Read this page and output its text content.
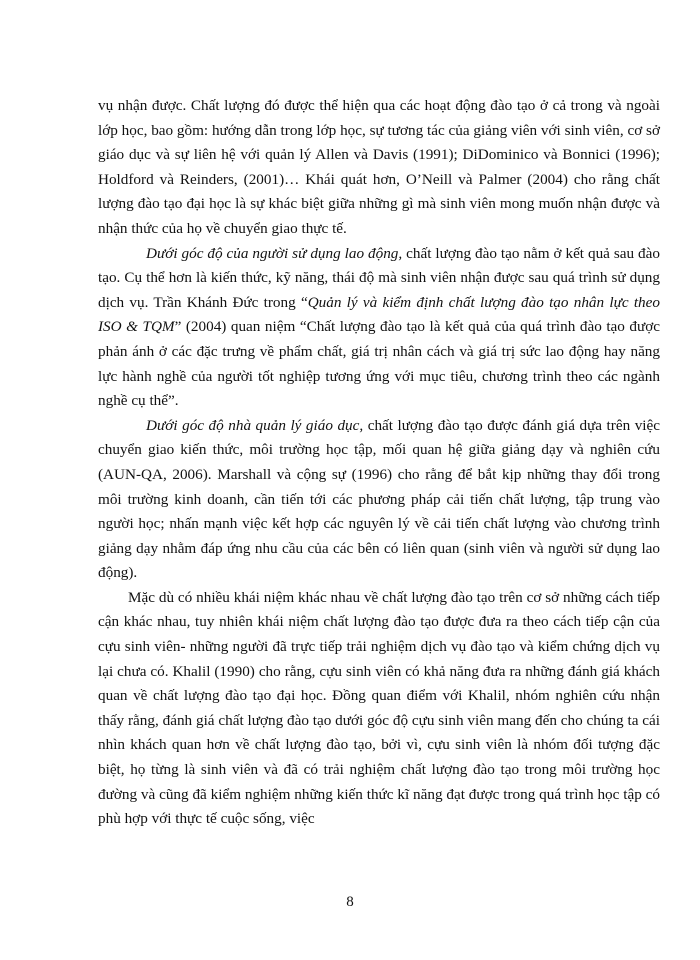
vụ nhận được. Chất lượng đó được thể hiện qua các hoạt động đào tạo ở cả trong và ngoài lớp học, bao gồm: hướng dẫn trong lớp học, sự tương tác của giảng viên với sinh viên, cơ sở giáo dục và sự liên hệ với quản lý Allen và Davis (1991); DiDominico và Bonnici (1996); Holdford và Reinders, (2001)… Khái quát hơn, O’Neill và Palmer (2004) cho rằng chất lượng đào tạo đại học là sự khác biệt giữa những gì mà sinh viên mong muốn nhận được và nhận thức của họ về chuyển giao thực tế.

Dưới góc độ của người sử dụng lao động, chất lượng đào tạo nằm ở kết quả sau đào tạo. Cụ thể hơn là kiến thức, kỹ năng, thái độ mà sinh viên nhận được sau quá trình sử dụng dịch vụ. Trần Khánh Đức trong “Quản lý và kiểm định chất lượng đào tạo nhân lực theo ISO & TQM” (2004) quan niệm “Chất lượng đào tạo là kết quả của quá trình đào tạo được phản ánh ở các đặc trưng về phẩm chất, giá trị nhân cách và giá trị sức lao động hay năng lực hành nghề của người tốt nghiệp tương ứng với mục tiêu, chương trình theo các ngành nghề cụ thể”.

Dưới góc độ nhà quản lý giáo dục, chất lượng đào tạo được đánh giá dựa trên việc chuyển giao kiến thức, môi trường học tập, mối quan hệ giữa giảng dạy và nghiên cứu (AUN-QA, 2006). Marshall và cộng sự (1996) cho rằng để bắt kịp những thay đổi trong môi trường kinh doanh, cần tiến tới các phương pháp cải tiến chất lượng, tập trung vào người học; nhấn mạnh việc kết hợp các nguyên lý về cải tiến chất lượng vào chương trình giảng dạy nhằm đáp ứng nhu cầu của các bên có liên quan (sinh viên và người sử dụng lao động).

Mặc dù có nhiều khái niệm khác nhau về chất lượng đào tạo trên cơ sở những cách tiếp cận khác nhau, tuy nhiên khái niệm chất lượng đào tạo được đưa ra theo cách tiếp cận của cựu sinh viên- những người đã trực tiếp trải nghiệm dịch vụ đào tạo và kiểm chứng dịch vụ lại chưa có. Khalil (1990) cho rằng, cựu sinh viên có khả năng đưa ra những đánh giá khách quan về chất lượng đào tạo đại học. Đồng quan điểm với Khalil, nhóm nghiên cứu nhận thấy rằng, đánh giá chất lượng đào tạo dưới góc độ cựu sinh viên mang đến cho chúng ta cái nhìn khách quan hơn về chất lượng đào tạo, bởi vì, cựu sinh viên là nhóm đối tượng đặc biệt, họ từng là sinh viên và đã có trải nghiệm chất lượng đào tạo trong môi trường học đường và cũng đã kiểm nghiệm những kiến thức kĩ năng đạt được trong quá trình học tập có phù hợp với thực tế cuộc sống, việc

8
